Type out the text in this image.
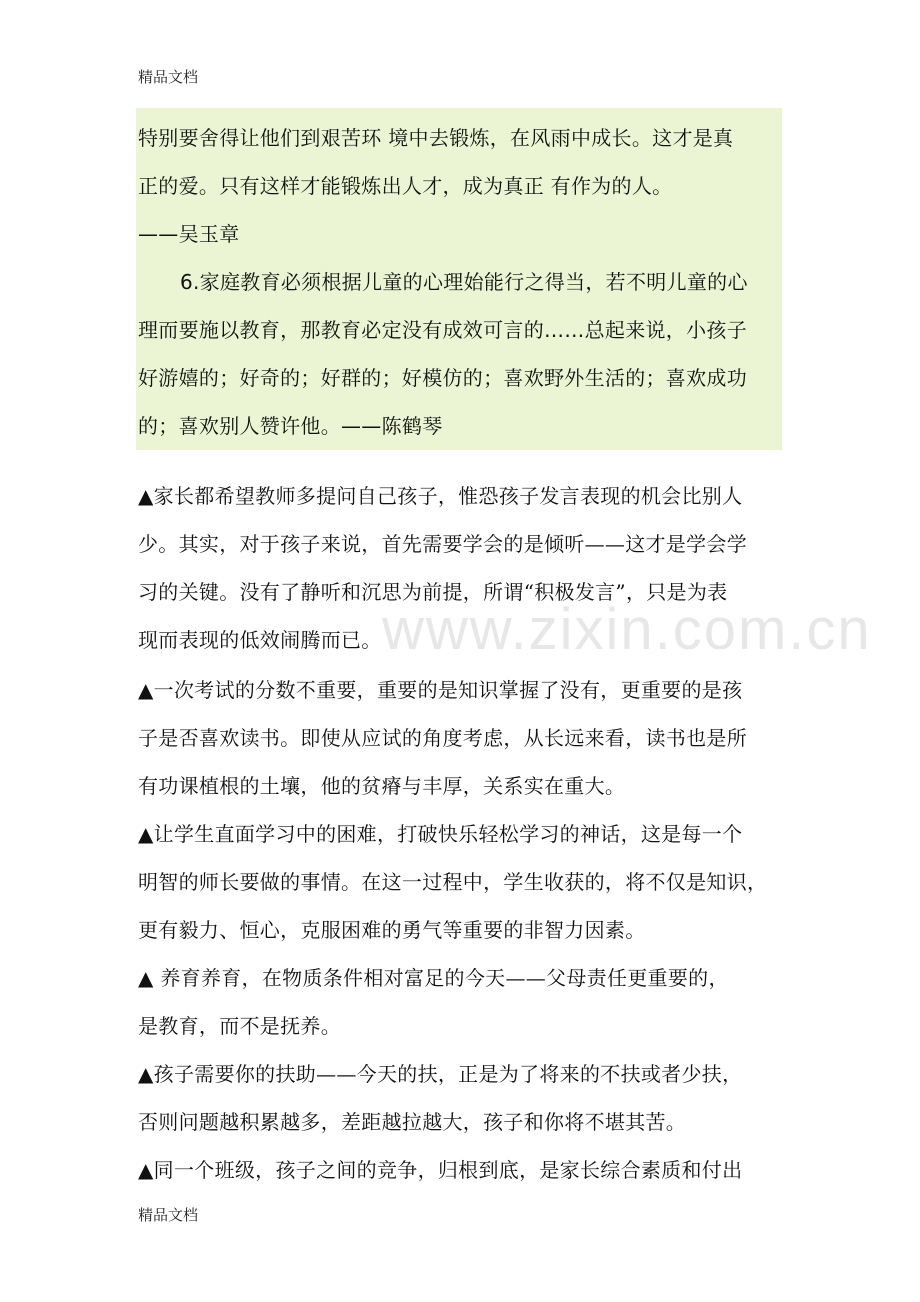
精品文档
特别要舍得让他们到艰苦环 境中去锻炼，在风雨中成长。这才是真
正的爱。只有这样才能锻炼出人才，成为真正 有作为的人。
——吴玉章
6.家庭教育必须根据儿童的心理始能行之得当，若不明儿童的心
理而要施以教育，那教育必定没有成效可言的……总起来说，小孩子
好游嬉的；好奇的；好群的；好模仿的；喜欢野外生活的；喜欢成功
的；喜欢别人赞许他。——陈鹤琴
▲家长都希望教师多提问自己孩子，惟恐孩子发言表现的机会比别人
少。其实，对于孩子来说，首先需要学会的是倾听——这才是学会学
习的关键。没有了静听和沉思为前提，所谓“积极发言”，只是为表
现而表现的低效闹腾而已。
▲一次考试的分数不重要，重要的是知识掌握了没有，更重要的是孩
子是否喜欢读书。即使从应试的角度考虑，从长远来看，读书也是所
有功课植根的土壤，他的贫瘠与丰厚，关系实在重大。
▲让学生直面学习中的困难，打破快乐轻松学习的神话，这是每一个
明智的师长要做的事情。在这一过程中，学生收获的，将不仅是知识，
更有毅力、恒心，克服困难的勇气等重要的非智力因素。
▲ 养育养育，在物质条件相对富足的今天——父母责任更重要的，
是教育，而不是抚养。
▲孩子需要你的扶助——今天的扶，正是为了将来的不扶或者少扶，
否则问题越积累越多，差距越拉越大，孩子和你将不堪其苦。
▲同一个班级，孩子之间的竞争，归根到底，是家长综合素质和付出
www.zixin.com.cn
精品文档
